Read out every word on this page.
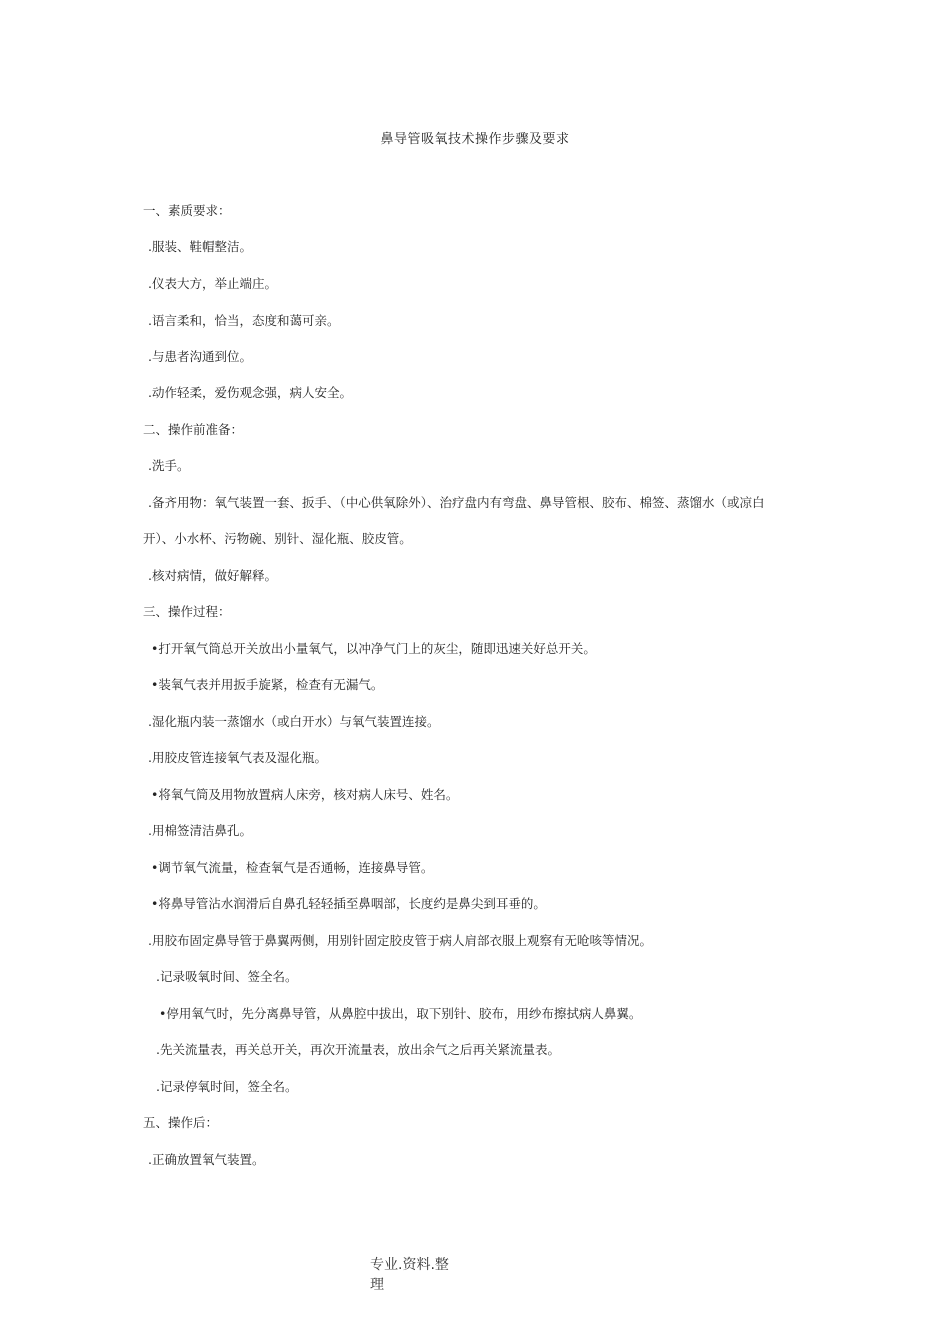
鼻导管吸氧技术操作步骤及要求
一、素质要求：
.服装、鞋帽整洁。
.仪表大方，举止端庄。
.语言柔和，恰当，态度和蔼可亲。
.与患者沟通到位。
.动作轻柔，爱伤观念强，病人安全。
二、操作前准备：
.洗手。
.备齐用物：氧气装置一套、扳手、（中心供氧除外）、治疗盘内有弯盘、鼻导管根、胶布、棉签、蒸馏水（或凉白
开）、小水杯、污物碗、别针、湿化瓶、胶皮管。
.核对病情，做好解释。
三、操作过程：
•打开氧气筒总开关放出小量氧气，以冲净气门上的灰尘，随即迅速关好总开关。
•装氧气表并用扳手旋紧，检查有无漏气。
.湿化瓶内装一蒸馏水（或白开水）与氧气装置连接。
.用胶皮管连接氧气表及湿化瓶。
•将氧气筒及用物放置病人床旁，核对病人床号、姓名。
.用棉签清洁鼻孔。
•调节氧气流量，检查氧气是否通畅，连接鼻导管。
•将鼻导管沾水润滑后自鼻孔轻轻插至鼻咽部，长度约是鼻尖到耳垂的。
.用胶布固定鼻导管于鼻翼两侧，用别针固定胶皮管于病人肩部衣服上观察有无呛咳等情况。
.记录吸氧时间、签全名。
•停用氧气时，先分离鼻导管，从鼻腔中拔出，取下别针、胶布，用纱布擦拭病人鼻翼。
.先关流量表，再关总开关，再次开流量表，放出余气之后再关紧流量表。
.记录停氧时间，签全名。
五、操作后：
.正确放置氧气装置。
专业.资料.整
理
